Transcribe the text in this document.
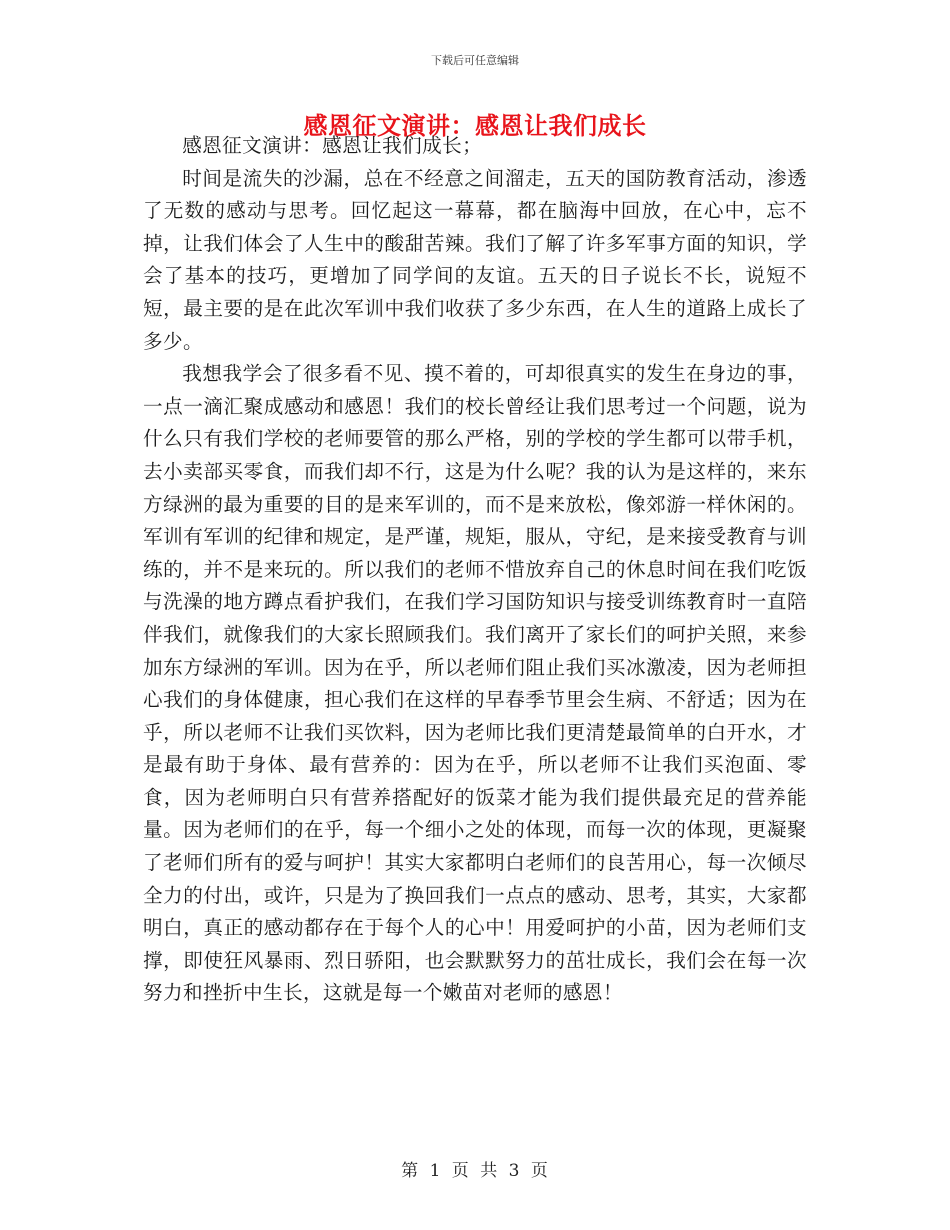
下载后可任意编辑
感恩征文演讲：感恩让我们成长

感恩征文演讲：感恩让我们成长；

时间是流失的沙漏，总在不经意之间溜走，五天的国防教育活动，渗透了无数的感动与思考。回忆起这一幕幕，都在脑海中回放，在心中，忘不掉，让我们体会了人生中的酸甜苦辣。我们了解了许多军事方面的知识，学会了基本的技巧，更增加了同学间的友谊。五天的日子说长不长，说短不短，最主要的是在此次军训中我们收获了多少东西，在人生的道路上成长了多少。

我想我学会了很多看不见、摸不着的，可却很真实的发生在身边的事，一点一滴汇聚成感动和感恩！我们的校长曾经让我们思考过一个问题，说为什么只有我们学校的老师要管的那么严格，别的学校的学生都可以带手机，去小卖部买零食，而我们却不行，这是为什么呢？我的认为是这样的，来东方绿洲的最为重要的目的是来军训的，而不是来放松，像郊游一样休闲的。军训有军训的纪律和规定，是严谨，规矩，服从，守纪，是来接受教育与训练的，并不是来玩的。所以我们的老师不惜放弃自己的休息时间在我们吃饭与洗澡的地方蹲点看护我们，在我们学习国防知识与接受训练教育时一直陪伴我们，就像我们的大家长照顾我们。我们离开了家长们的呵护关照，来参加东方绿洲的军训。因为在乎，所以老师们阻止我们买冰激凌，因为老师担心我们的身体健康，担心我们在这样的早春季节里会生病、不舒适；因为在乎，所以老师不让我们买饮料，因为老师比我们更清楚最简单的白开水，才是最有助于身体、最有营养的：因为在乎，所以老师不让我们买泡面、零食，因为老师明白只有营养搭配好的饭菜才能为我们提供最充足的营养能量。因为老师们的在乎，每一个细小之处的体现，而每一次的体现，更凝聚了老师们所有的爱与呵护！其实大家都明白老师们的良苦用心，每一次倾尽全力的付出，或许，只是为了换回我们一点点的感动、思考，其实，大家都明白，真正的感动都存在于每个人的心中！用爱呵护的小苗，因为老师们支撑，即使狂风暴雨、烈日骄阳，也会默默努力的茁壮成长，我们会在每一次努力和挫折中生长，这就是每一个嫩苗对老师的感恩！

第 1 页 共 3 页
